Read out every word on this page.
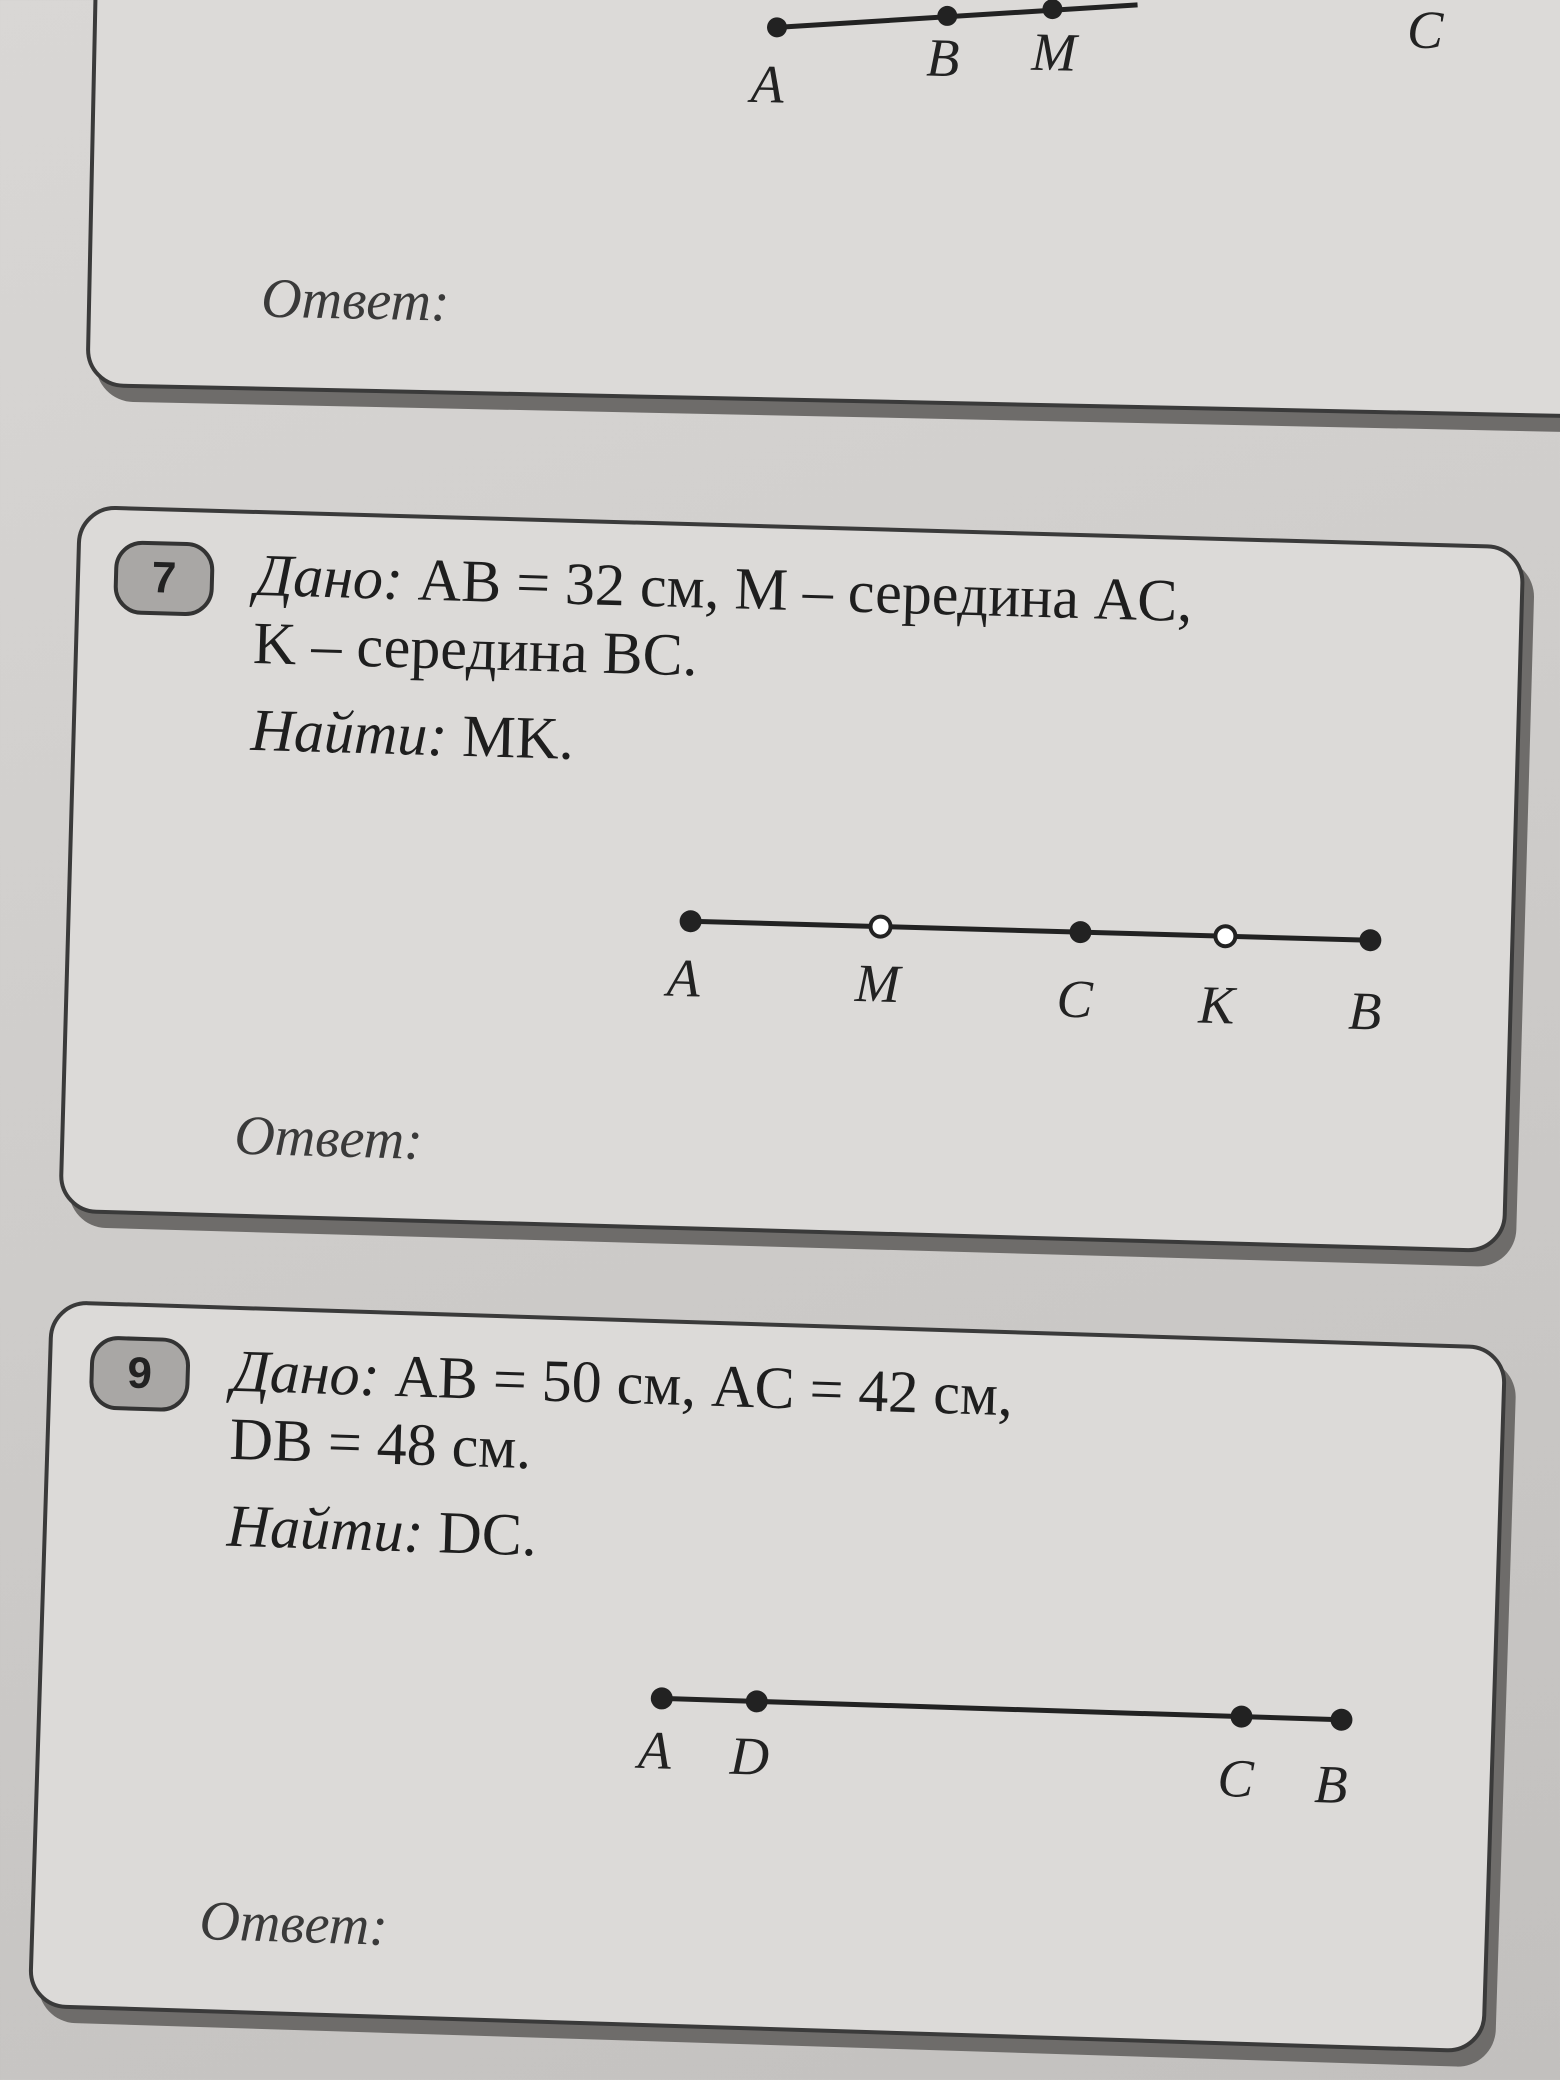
A	B M	C
Ответ:
7	Дано: AB = 32 см, M – середина AC,
K – середина BC.
Найти: MK.
A	M	C K B
Ответ:
9	Дано: AB = 50 см, AC = 42 см,
DB = 48 см.
Найти: DC.
A D	C B
Ответ:
